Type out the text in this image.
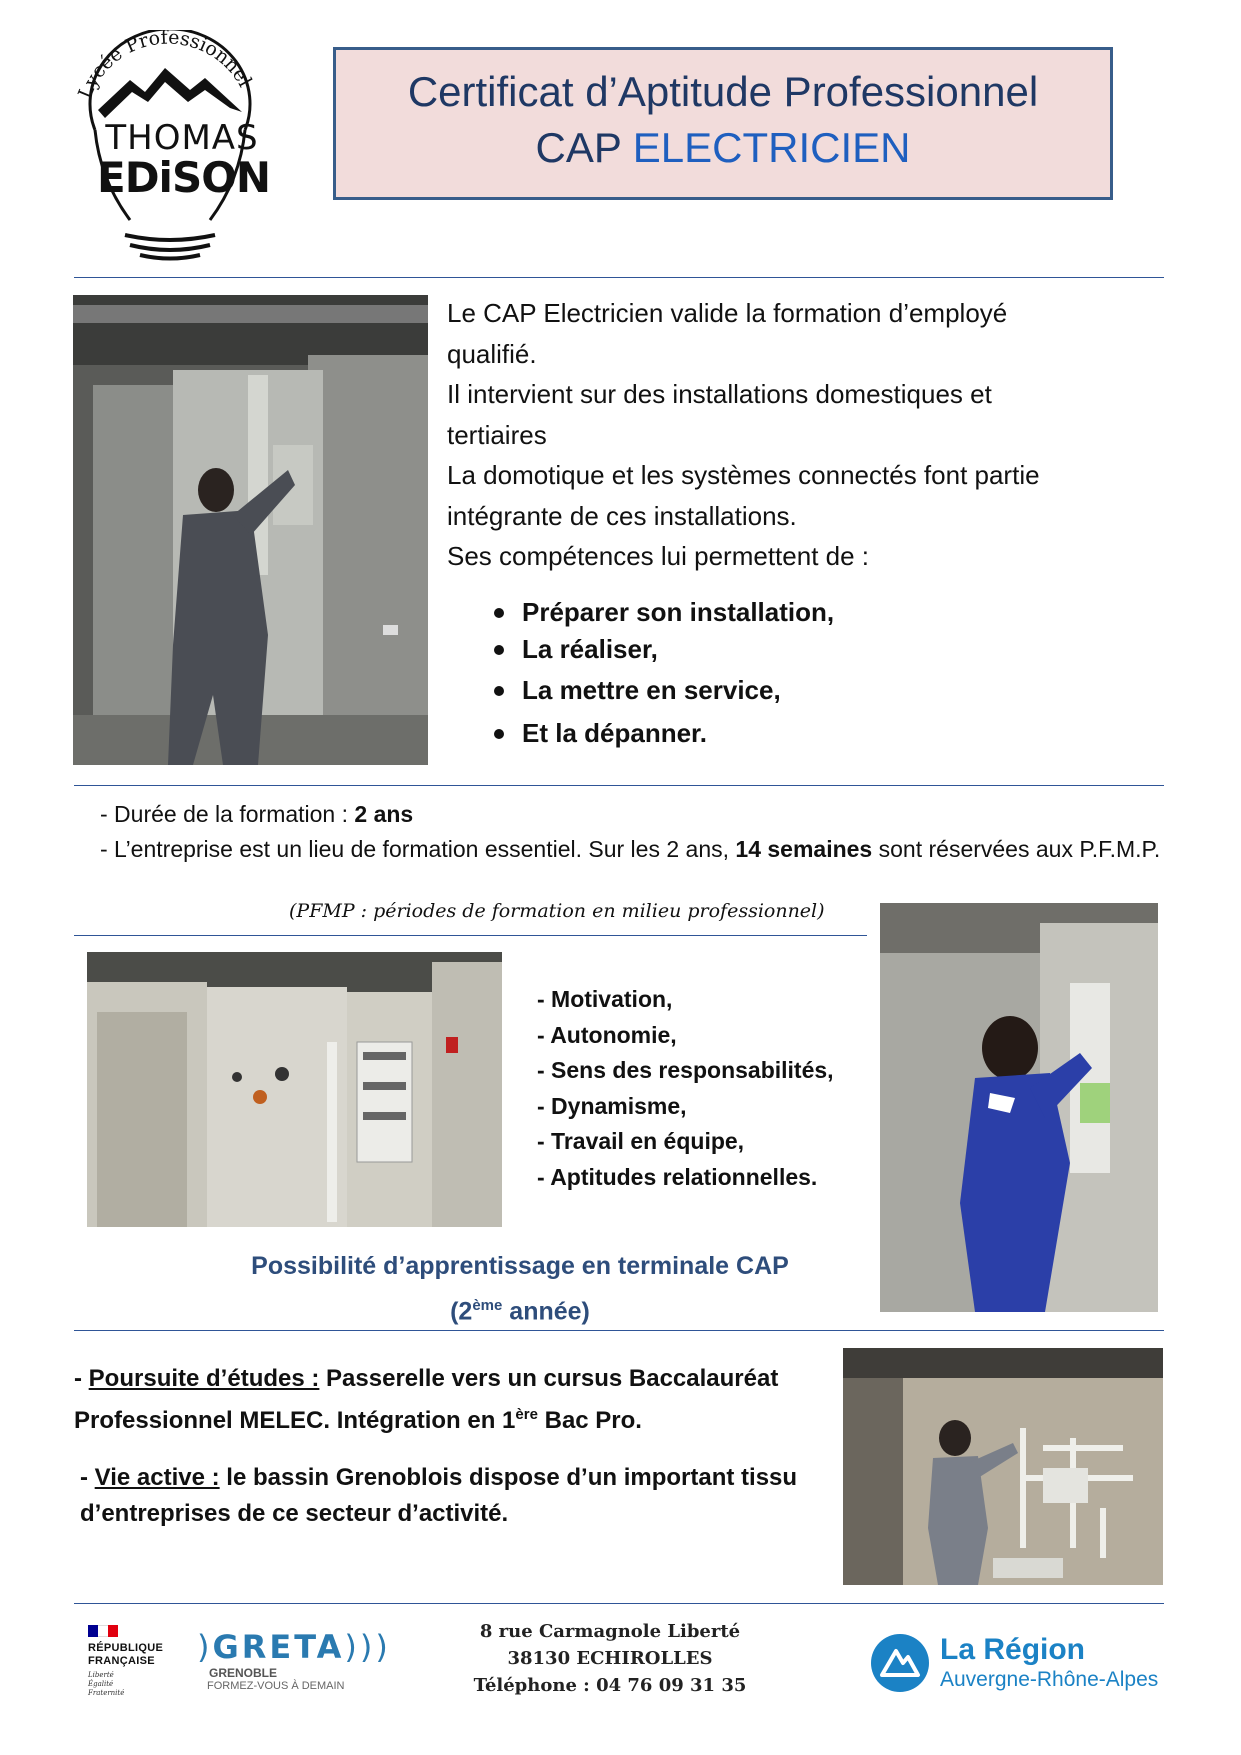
Lycée Professionnel
THOMAS
EDiSON
Certificat d’Aptitude Professionnel
CAP ELECTRICIEN
Le CAP Electricien valide la formation d’employé
qualifié.
Il intervient sur des installations domestiques et
tertiaires
La domotique et les systèmes connectés font partie
intégrante de ces installations.
Ses compétences lui permettent de :
Préparer son installation,
La réaliser,
La mettre en service,
Et la dépanner.
- Durée de la formation : 2 ans
- L’entreprise est un lieu de formation essentiel. Sur les 2 ans, 14 semaines sont réservées aux P.F.M.P.
(PFMP : périodes de formation en milieu professionnel)
- Motivation,
- Autonomie,
- Sens des responsabilités,
- Dynamisme,
- Travail en équipe,
- Aptitudes relationnelles.
Possibilité d’apprentissage en terminale CAP
(2ème année)
- Poursuite d’études : Passerelle vers un cursus Baccalauréat Professionnel MELEC. Intégration en 1ère Bac Pro.
- Vie active : le bassin Grenoblois dispose d’un important tissu d’entreprises de ce secteur d’activité.
RÉPUBLIQUE
FRANÇAISE
Liberté
Égalité
Fraternité
)GRETA)))
GRENOBLE
FORMEZ-VOUS À DEMAIN
8 rue Carmagnole Liberté
38130 ECHIROLLES
Téléphone : 04 76 09 31 35
La Région
Auvergne-Rhône-Alpes
